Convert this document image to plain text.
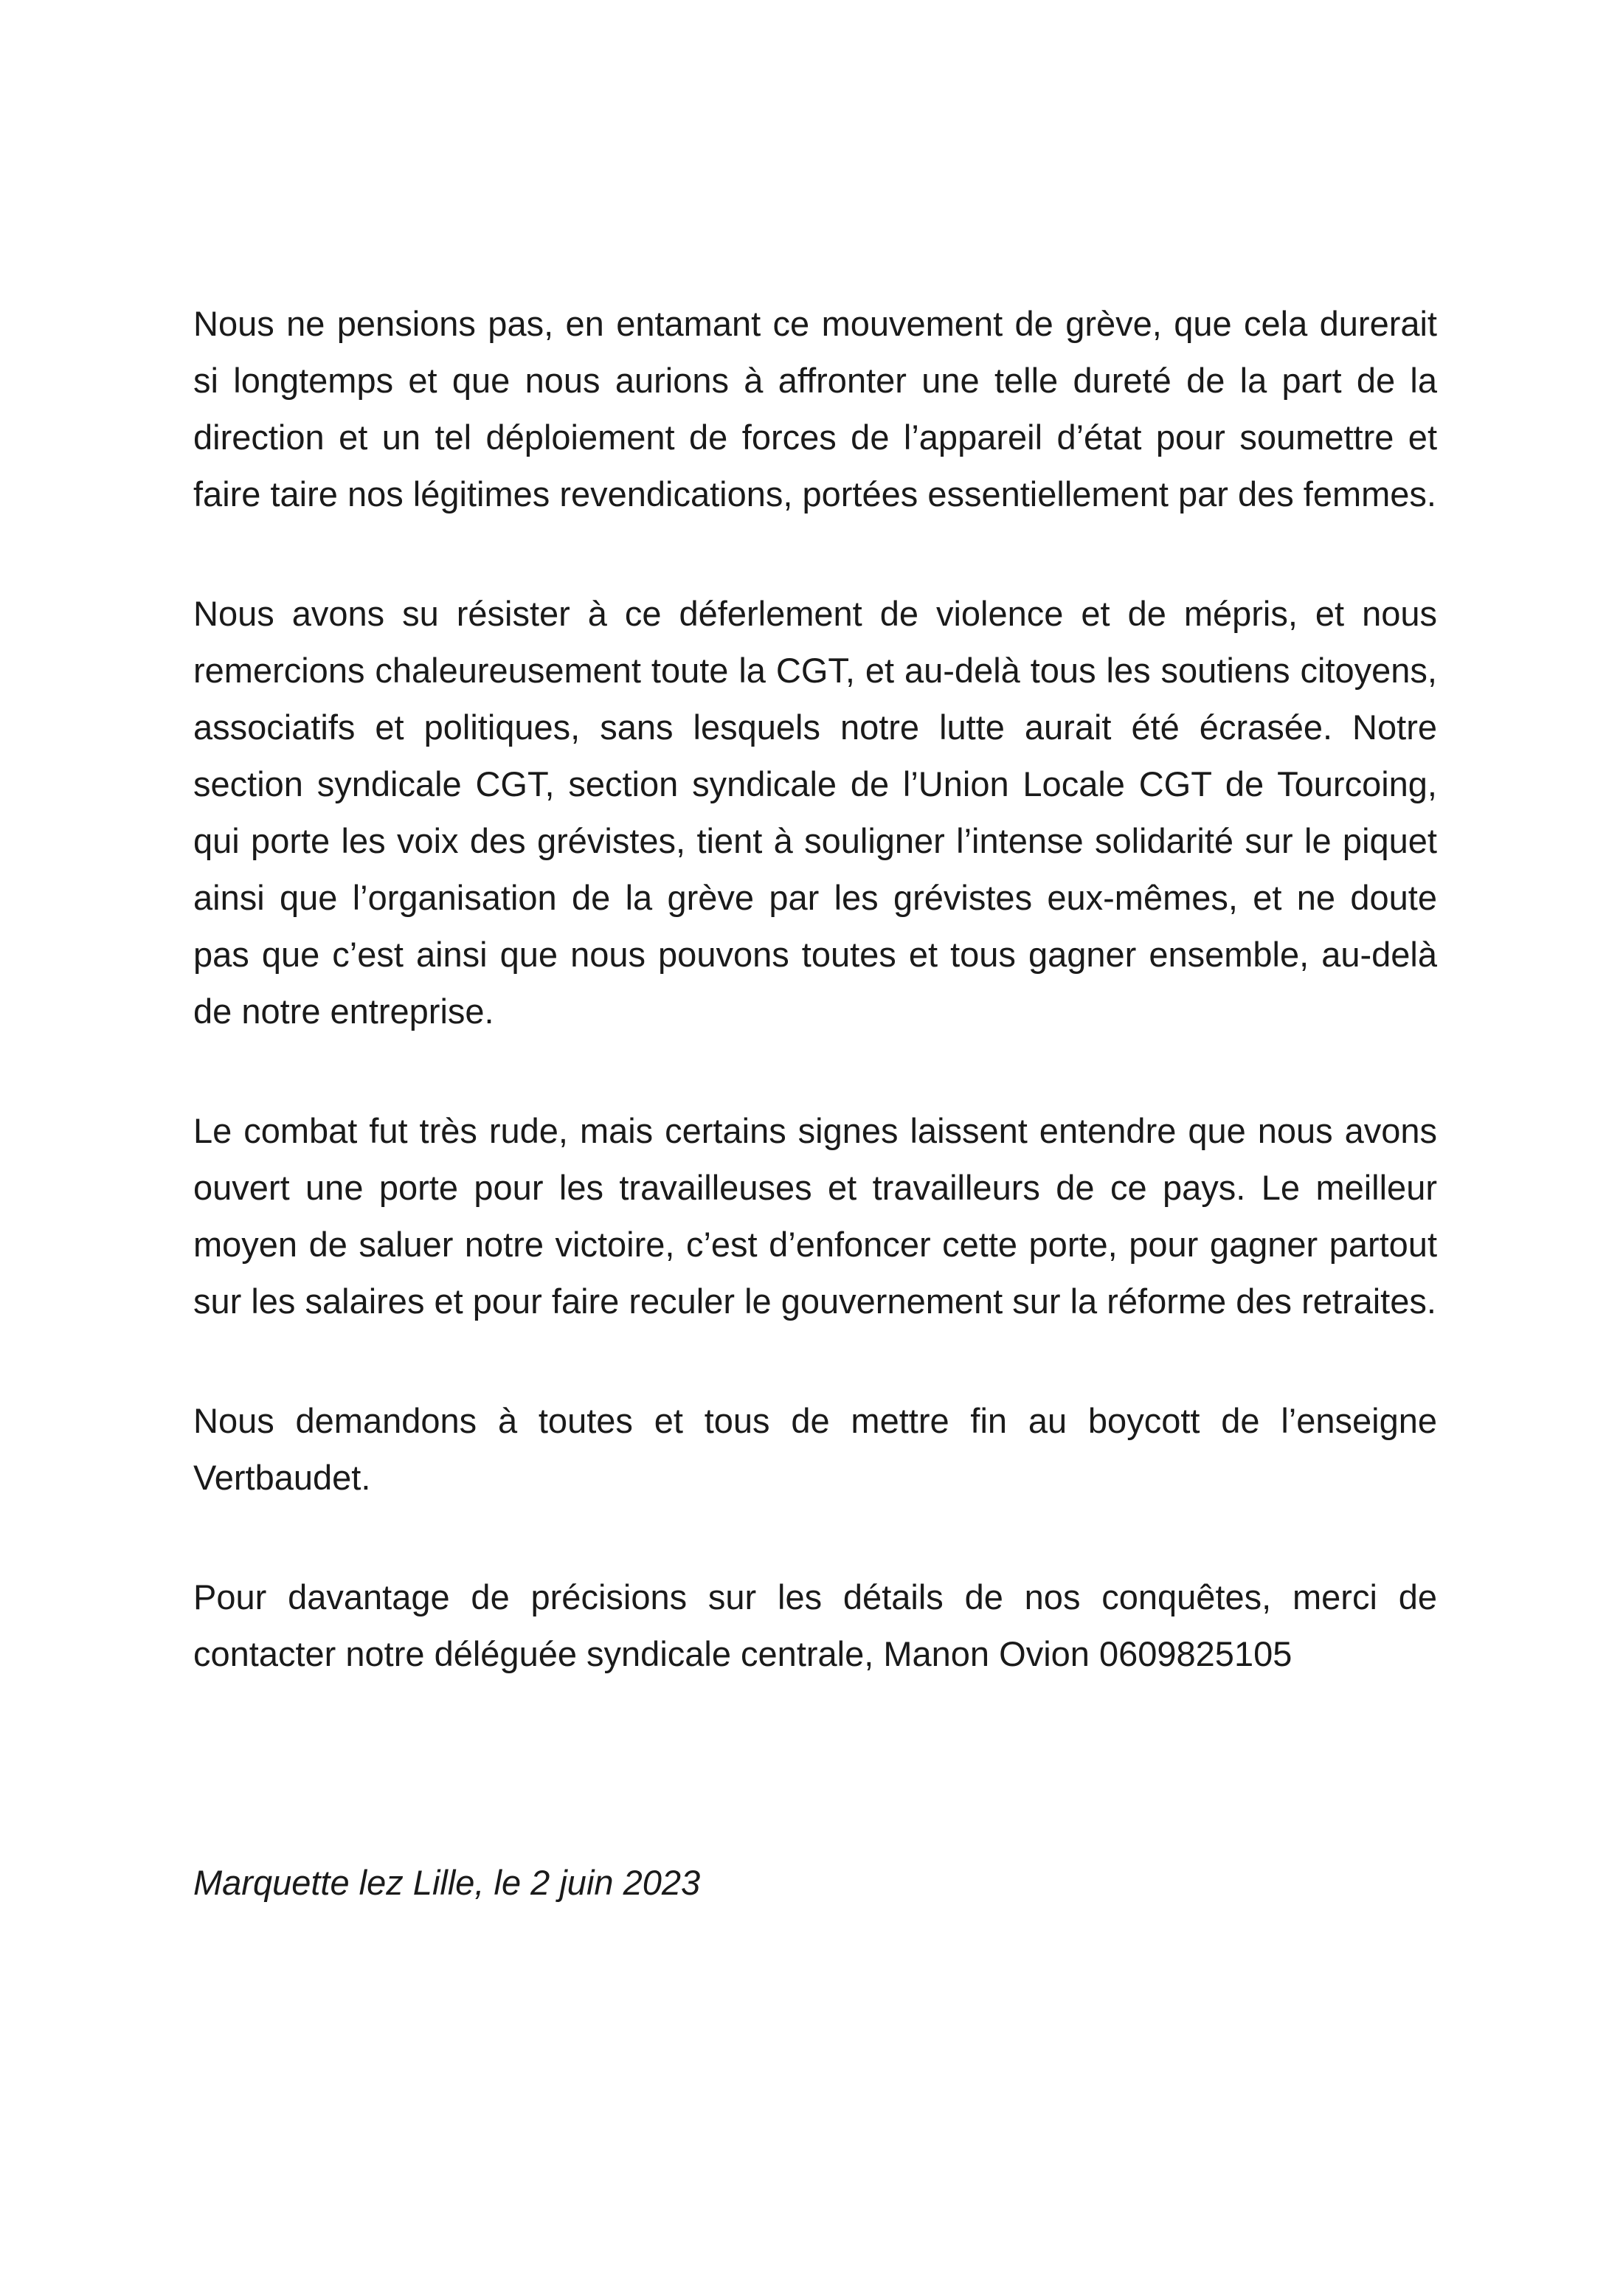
Nous ne pensions pas, en entamant ce mouvement de grève, que cela durerait si longtemps et que nous aurions à affronter une telle dureté de la part de la direction et un tel déploiement de forces de l’appareil d’état pour soumettre et faire taire nos légitimes revendications, portées essentiellement par des femmes.

Nous avons su résister à ce déferlement de violence et de mépris, et nous remercions chaleureusement toute la CGT, et au-delà tous les soutiens citoyens, associatifs et politiques, sans lesquels notre lutte aurait été écrasée. Notre section syndicale CGT, section syndicale de l’Union Locale CGT de Tourcoing, qui porte les voix des grévistes, tient à souligner l’intense solidarité sur le piquet ainsi que l’organisation de la grève par les grévistes eux-mêmes, et ne doute pas que c’est ainsi que nous pouvons toutes et tous gagner ensemble, au-delà de notre entreprise.

Le combat fut très rude, mais certains signes laissent entendre que nous avons ouvert une porte pour les travailleuses et travailleurs de ce pays. Le meilleur moyen de saluer notre victoire, c’est d’enfoncer cette porte, pour gagner partout sur les salaires et pour faire reculer le gouvernement sur la réforme des retraites.

Nous demandons à toutes et tous de mettre fin au boycott de l’enseigne Vertbaudet.

Pour davantage de précisions sur les détails de nos conquêtes, merci de contacter notre déléguée syndicale centrale, Manon Ovion 0609825105

Marquette lez Lille, le 2 juin 2023
